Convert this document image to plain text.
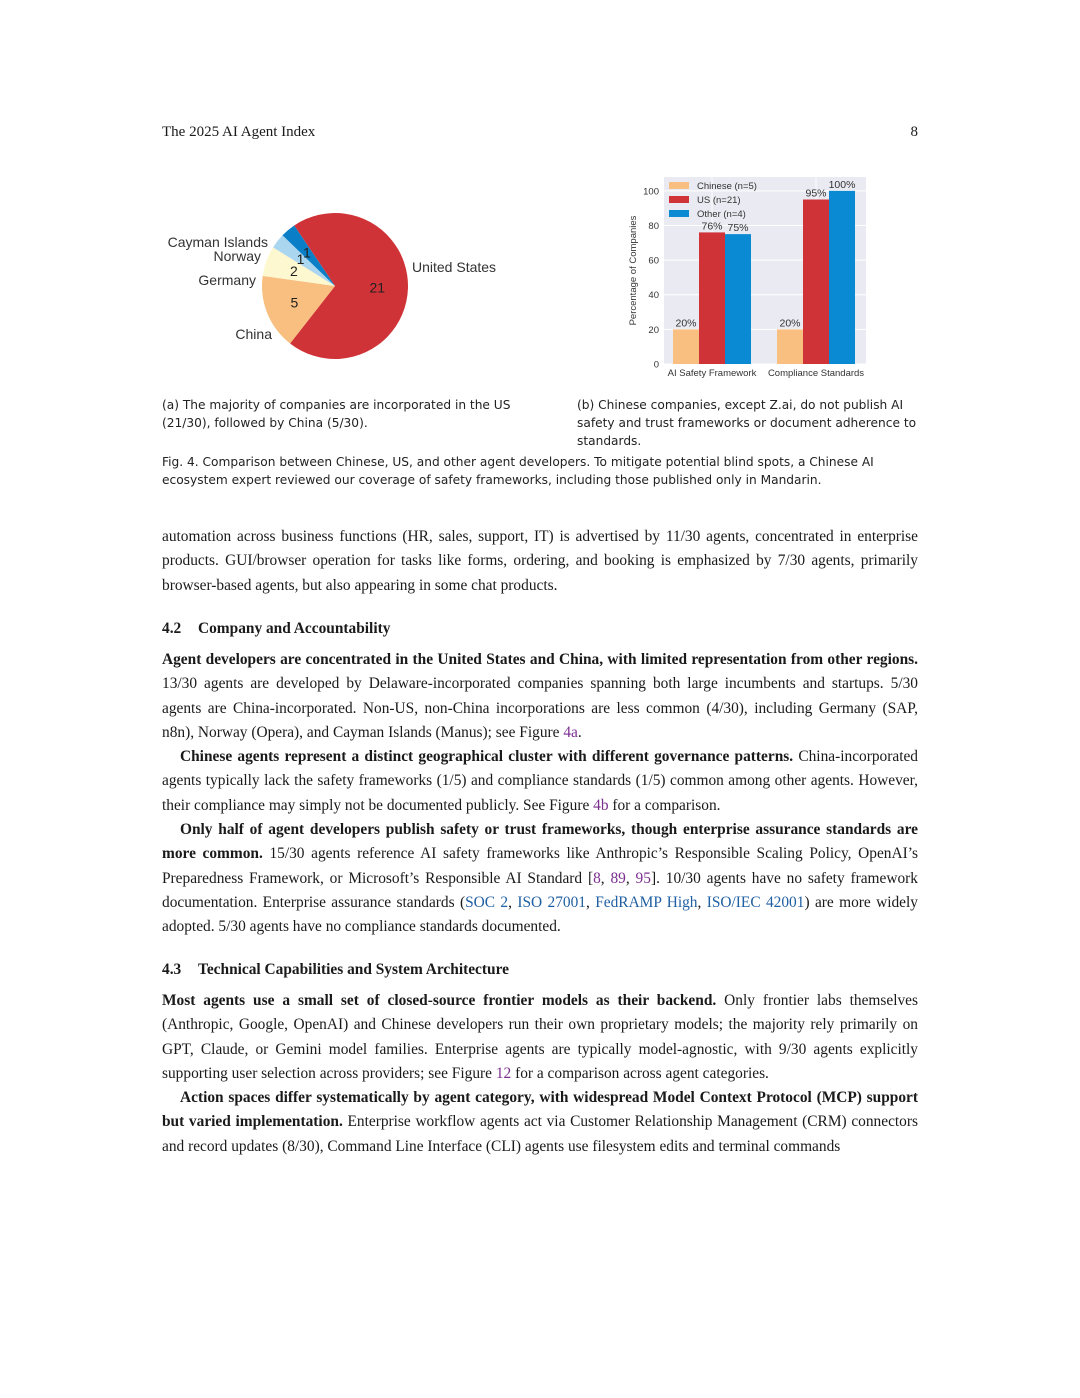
The 2025 AI Agent Index	8
21
United States
5
China
2
Germany
1
Norway	1
Cayman Islands
0
20
40
60
80
100
20%	20%
76%
95%
75%
100%
AI Safety Framework Compliance Standards
Percentage of Companies
Chinese (n=5)
US (n=21)
Other (n=4)
(a) The majority of companies are incorporated in the US (21/30), followed by China (5/30).
(b) Chinese companies, except Z.ai, do not publish AI safety and trust frameworks or document adherence to standards.
Fig. 4. Comparison between Chinese, US, and other agent developers. To mitigate potential blind spots, a Chinese AI ecosystem expert reviewed our coverage of safety frameworks, including those published only in Mandarin.

automation across business functions (HR, sales, support, IT) is advertised by 11/30 agents, concentrated in enterprise products. GUI/browser operation for tasks like forms, ordering, and booking is emphasized by 7/30 agents, primarily browser-based agents, but also appearing in some chat products.

4.2 Company and Accountability

Agent developers are concentrated in the United States and China, with limited representation from other regions. 13/30 agents are developed by Delaware-incorporated companies spanning both large incumbents and startups. 5/30 agents are China-incorporated. Non-US, non-China incorporations are less common (4/30), including Germany (SAP, n8n), Norway (Opera), and Cayman Islands (Manus); see Figure 4a.

Chinese agents represent a distinct geographical cluster with different governance patterns. China-incorporated agents typically lack the safety frameworks (1/5) and compliance standards (1/5) common among other agents. However, their compliance may simply not be documented publicly. See Figure 4b for a comparison.

Only half of agent developers publish safety or trust frameworks, though enterprise assurance standards are more common. 15/30 agents reference AI safety frameworks like Anthropic’s Responsible Scaling Policy, OpenAI’s Preparedness Framework, or Microsoft’s Responsible AI Standard [8, 89, 95]. 10/30 agents have no safety framework documentation. Enterprise assurance standards (SOC 2, ISO 27001, FedRAMP High, ISO/IEC 42001) are more widely adopted. 5/30 agents have no compliance standards documented.

4.3 Technical Capabilities and System Architecture

Most agents use a small set of closed-source frontier models as their backend. Only frontier labs themselves (Anthropic, Google, OpenAI) and Chinese developers run their own proprietary models; the majority rely primarily on GPT, Claude, or Gemini model families. Enterprise agents are typically model-agnostic, with 9/30 agents explicitly supporting user selection across providers; see Figure 12 for a comparison across agent categories.

Action spaces differ systematically by agent category, with widespread Model Context Protocol (MCP) support but varied implementation. Enterprise workflow agents act via Customer Relationship Management (CRM) connectors and record updates (8/30), Command Line Interface (CLI) agents use filesystem edits and terminal commands
